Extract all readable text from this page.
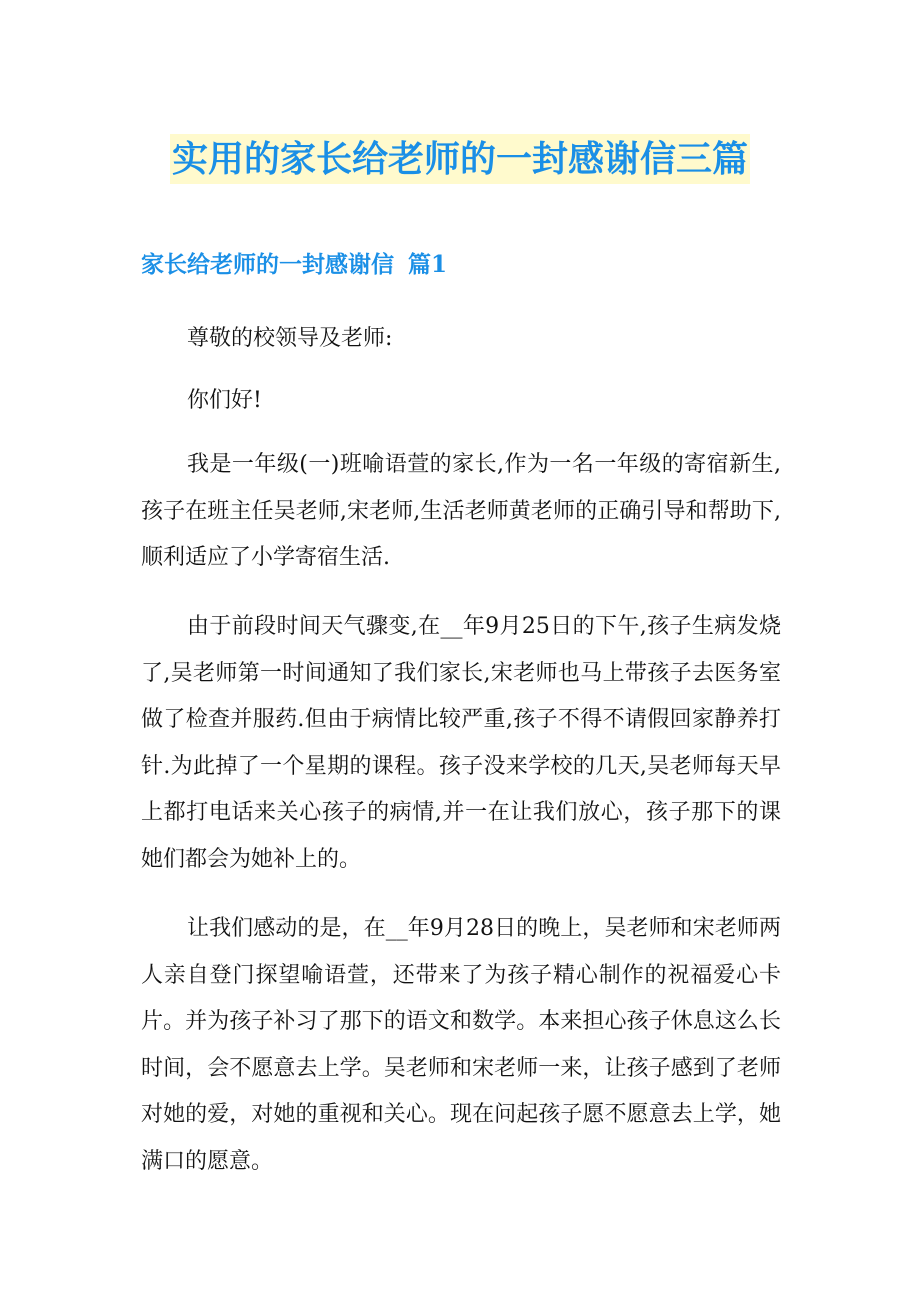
实用的家长给老师的一封感谢信三篇
家长给老师的一封感谢信 篇1

尊敬的校领导及老师:

你们好!

我是一年级(一)班喻语萱的家长,作为一名一年级的寄宿新生,孩子在班主任吴老师,宋老师,生活老师黄老师的正确引导和帮助下,顺利适应了小学寄宿生活.

由于前段时间天气骤变,在__年9月25日的下午,孩子生病发烧了,吴老师第一时间通知了我们家长,宋老师也马上带孩子去医务室做了检查并服药.但由于病情比较严重,孩子不得不请假回家静养打针.为此掉了一个星期的课程。孩子没来学校的几天,吴老师每天早上都打电话来关心孩子的病情,并一在让我们放心，孩子那下的课她们都会为她补上的。

让我们感动的是，在__年9月28日的晚上，吴老师和宋老师两人亲自登门探望喻语萱，还带来了为孩子精心制作的祝福爱心卡片。并为孩子补习了那下的语文和数学。本来担心孩子休息这么长时间，会不愿意去上学。吴老师和宋老师一来，让孩子感到了老师对她的爱，对她的重视和关心。现在问起孩子愿不愿意去上学，她满口的愿意。
